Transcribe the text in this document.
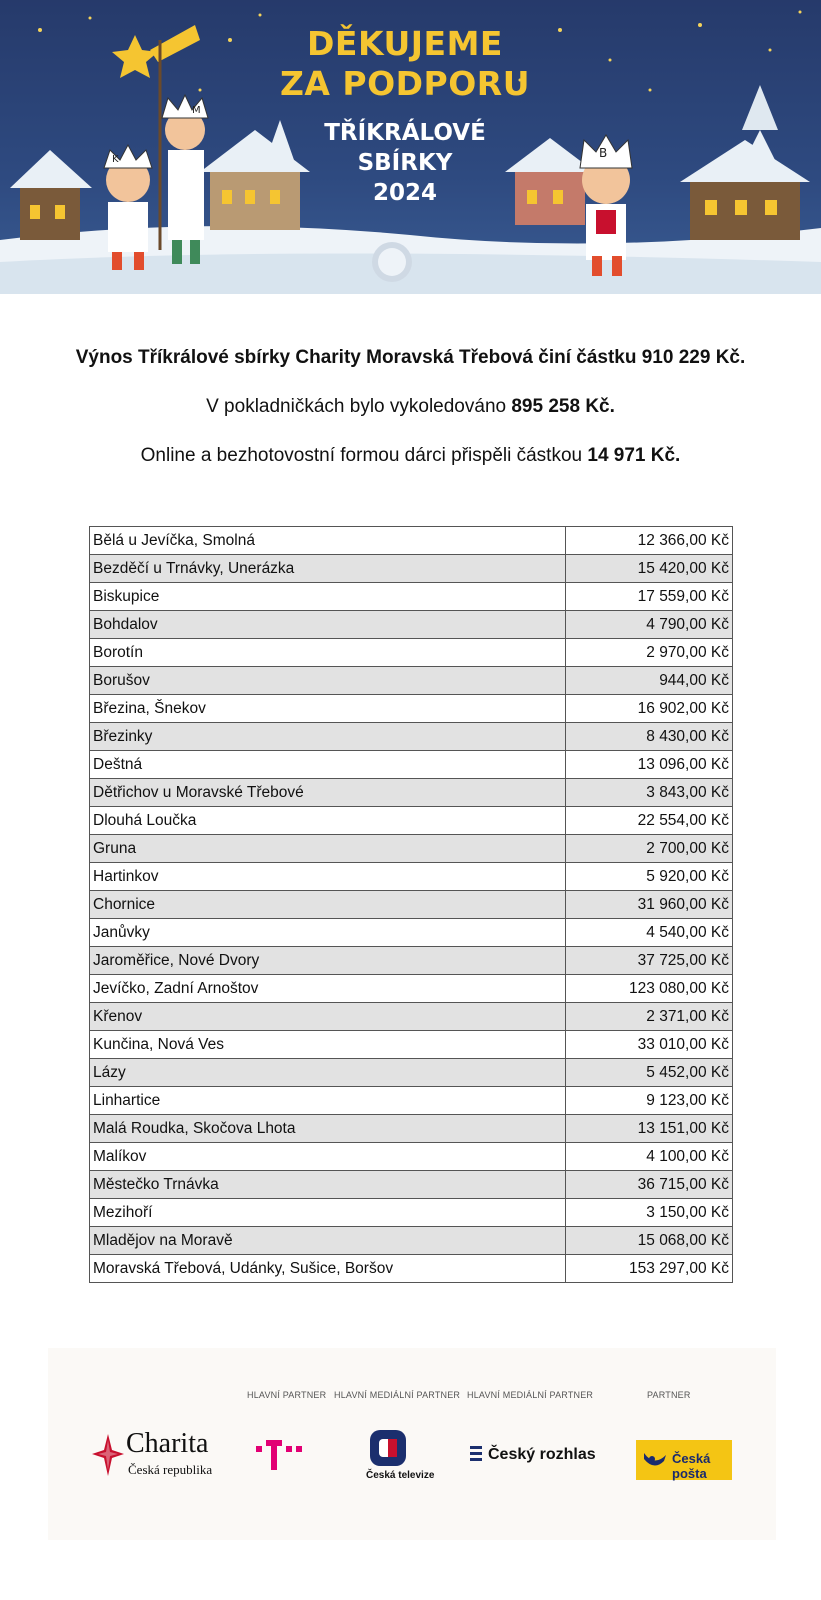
K
M
B
DĚKUJEME
ZA PODPORU
TŘÍKRÁLOVÉ
SBÍRKY
2024

Výnos Tříkrálové sbírky Charity Moravská Třebová činí částku 910 229 Kč.

V pokladničkách bylo vykoledováno 895 258 Kč.

Online a bezhotovostní formou dárci přispěli částkou 14 971 Kč.

Bělá u Jevíčka, Smolná	12 366,00 Kč
Bezděčí u Trnávky, Unerázka	15 420,00 Kč
Biskupice	17 559,00 Kč
Bohdalov	4 790,00 Kč
Borotín	2 970,00 Kč
Borušov	944,00 Kč
Březina, Šnekov	16 902,00 Kč
Březinky	8 430,00 Kč
Deštná	13 096,00 Kč
Dětřichov u Moravské Třebové	3 843,00 Kč
Dlouhá Loučka	22 554,00 Kč
Gruna	2 700,00 Kč
Hartinkov	5 920,00 Kč
Chornice	31 960,00 Kč
Janůvky	4 540,00 Kč
Jaroměřice, Nové Dvory	37 725,00 Kč
Jevíčko, Zadní Arnoštov	123 080,00 Kč
Křenov	2 371,00 Kč
Kunčina, Nová Ves	33 010,00 Kč
Lázy	5 452,00 Kč
Linhartice	9 123,00 Kč
Malá Roudka, Skočova Lhota	13 151,00 Kč
Malíkov	4 100,00 Kč
Městečko Trnávka	36 715,00 Kč
Mezihoří	3 150,00 Kč
Mladějov na Moravě	15 068,00 Kč
Moravská Třebová, Udánky, Sušice, Boršov	153 297,00 Kč
HLAVNÍ PARTNER HLAVNÍ MEDIÁLNÍ PARTNER HLAVNÍ MEDIÁLNÍ PARTNER	PARTNER
Charita
Česká republika	Česká televize
Český rozhlas	Česká pošta
